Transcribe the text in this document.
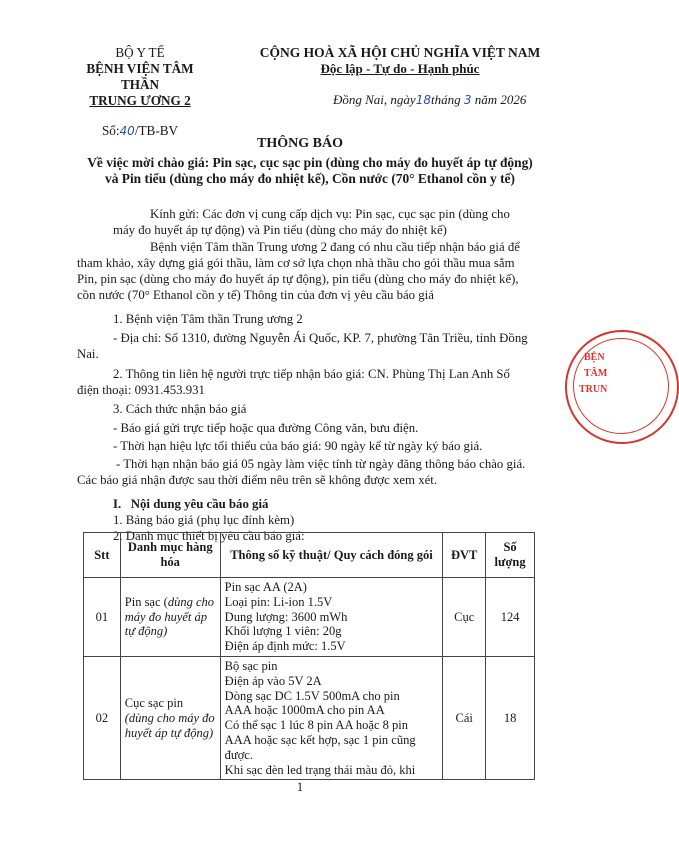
BỘ Y TẾ
BỆNH VIỆN TÂM THẦN
TRUNG ƯƠNG 2
Số:40/TB-BV
CỘNG HOÀ XÃ HỘI CHỦ NGHĨA VIỆT NAM
Độc lập - Tự do - Hạnh phúc
Đồng Nai, ngày18tháng 3 năm 2026
THÔNG BÁO
Về việc mời chào giá: Pin sạc, cục sạc pin (dùng cho máy đo huyết áp tự động)
và Pin tiểu (dùng cho máy đo nhiệt kế), Cồn nước (70° Ethanol cồn y tế)
Kính gửi: Các đơn vị cung cấp dịch vụ: Pin sạc, cục sạc pin (dùng cho
máy đo huyết áp tự động) và Pin tiểu (dùng cho máy đo nhiệt kế)
Bệnh viện Tâm thần Trung ương 2 đang có nhu cầu tiếp nhận báo giá để
tham khảo, xây dựng giá gói thầu, làm cơ sở lựa chọn nhà thầu cho gói thầu mua sắm
Pin, pin sạc (dùng cho máy đo huyết áp tự động), pin tiểu (dùng cho máy đo nhiệt kế),
cồn nước (70° Ethanol cồn y tế) Thông tin của đơn vị yêu cầu báo giá
1. Bệnh viện Tâm thần Trung ương 2
- Địa chỉ: Số 1310, đường Nguyễn Ái Quốc, KP. 7, phường Tân Triều, tỉnh Đồng
Nai.
2. Thông tin liên hệ người trực tiếp nhận báo giá: CN. Phùng Thị Lan Anh Số
điện thoại: 0931.453.931
3. Cách thức nhận báo giá
- Báo giá gửi trực tiếp hoặc qua đường Công văn, bưu điện.
- Thời hạn hiệu lực tối thiểu của báo giá: 90 ngày kể từ ngày ký báo giá.
- Thời hạn nhận báo giá 05 ngày làm việc tính từ ngày đăng thông báo chào giá.
Các báo giá nhận được sau thời điểm nêu trên sẽ không được xem xét.
I. Nội dung yêu cầu báo giá
1. Bảng báo giá (phụ lục đính kèm)
2. Danh mục thiết bị yêu cầu báo giá:
Stt	Danh mục hàng hóa	Thông số kỹ thuật/ Quy cách đóng gói	ĐVT	Số lượng
01	Pin sạc (dùng cho máy đo huyết áp tự động)	
Pin sạc AA (2A)
Loại pin: Li-ion 1.5V
Dung lượng: 3600 mWh
Khối lượng 1 viên: 20g
Điện áp định mức: 1.5V
	Cục	124
02	Cục sạc pin
(dùng cho máy đo huyết áp tự động)	
Bộ sạc pin
Điện áp vào 5V 2A
Dòng sạc DC 1.5V 500mA cho pin
AAA hoặc 1000mA cho pin AA
Có thể sạc 1 lúc 8 pin AA hoặc 8 pin
AAA hoặc sạc kết hợp, sạc 1 pin cũng
được.
Khi sạc đèn led trạng thái màu đỏ, khi
	Cái	18
1
BỆN
TÂM
TRUN
